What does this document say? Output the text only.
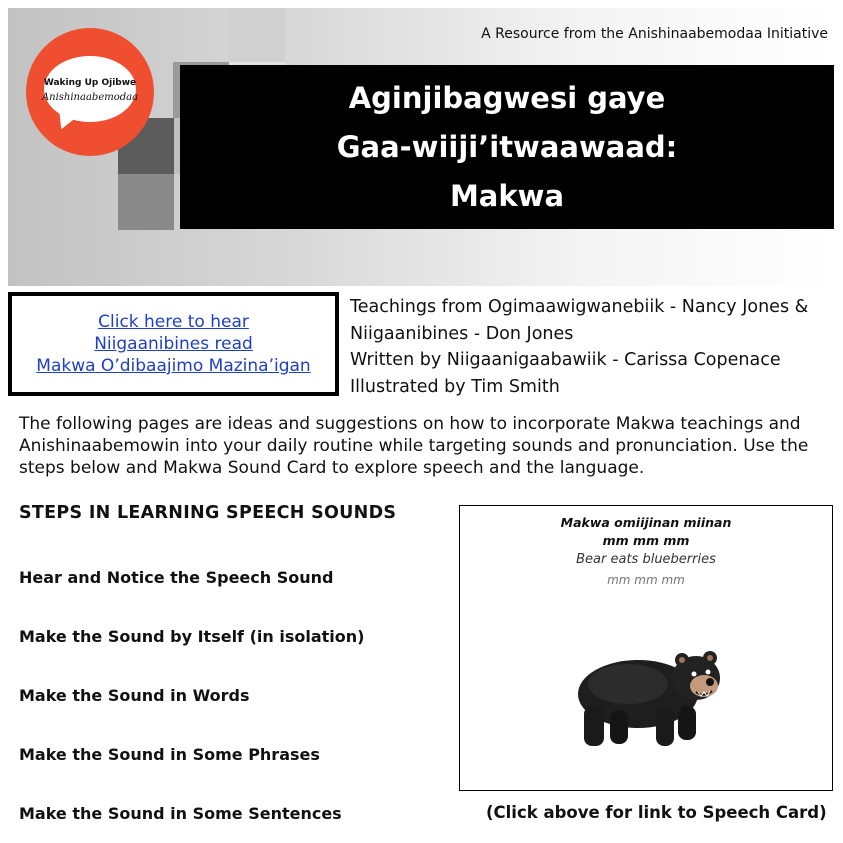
Waking Up Ojibwe
Anishinaabemodaa
A Resource from the Anishinaabemodaa Initiative
Aginjibagwesi gaye
Gaa-wiiji’itwaawaad:
Makwa
Click here to hear
Niigaanibines read
Makwa O’dibaajimo Mazina’igan
Teachings from Ogimaawigwanebiik - Nancy Jones &
Niigaanibines - Don Jones
Written by Niigaanigaabawiik - Carissa Copenace
Illustrated by Tim Smith
The following pages are ideas and suggestions on how to incorporate Makwa teachings and Anishinaabemowin into your daily routine while targeting sounds and pronunciation. Use the steps below and Makwa Sound Card to explore speech and the language.
STEPS IN LEARNING SPEECH SOUNDS
Hear and Notice the Speech Sound
Make the Sound by Itself (in isolation)
Make the Sound in Words
Make the Sound in Some Phrases
Make the Sound in Some Sentences
Makwa omiijinan miinan
mm mm mm
Bear eats blueberries
mm mm mm
(Click above for link to Speech Card)
